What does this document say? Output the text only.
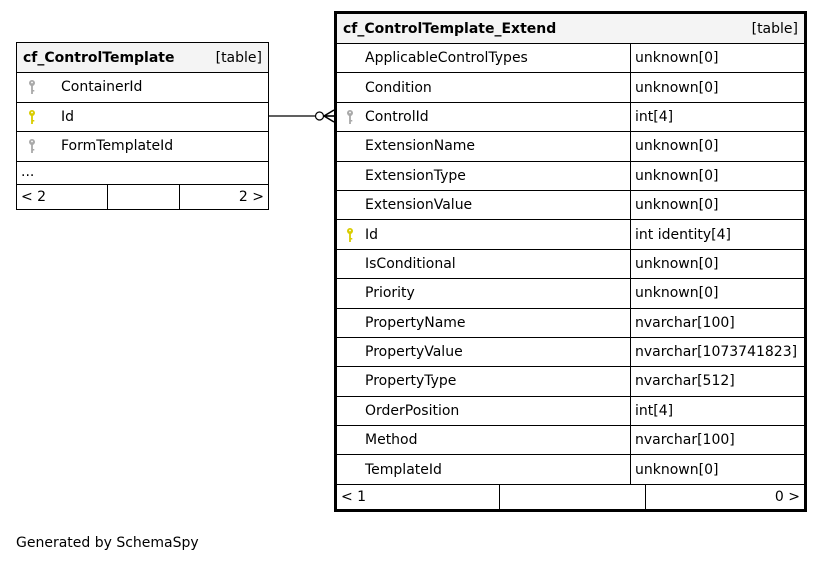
cf_ControlTemplate	[table]
ContainerId
Id
FormTemplateId
...
< 2	2 >
cf_ControlTemplate_Extend	[table]
ApplicableControlTypes	unknown[0]
Condition	unknown[0]
ControlId	int[4]
ExtensionName	unknown[0]
ExtensionType	unknown[0]
ExtensionValue	unknown[0]
Id	int identity[4]
IsConditional	unknown[0]
Priority	unknown[0]
PropertyName	nvarchar[100]
PropertyValue	nvarchar[1073741823]
PropertyType	nvarchar[512]
OrderPosition	int[4]
Method	nvarchar[100]
TemplateId	unknown[0]
< 1	0 >
Generated by SchemaSpy
